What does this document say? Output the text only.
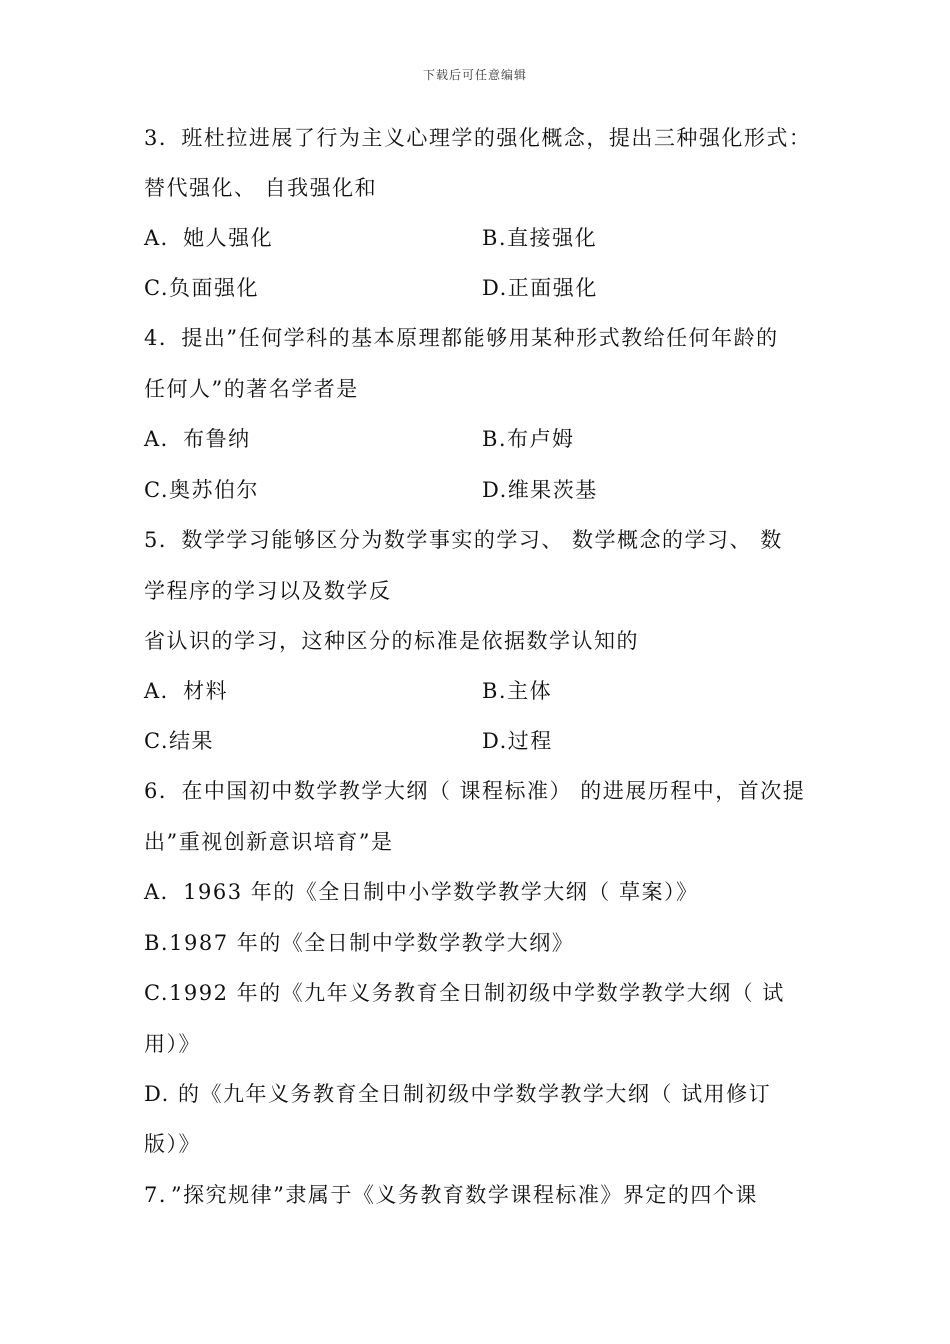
下载后可任意编辑
3．班杜拉进展了行为主义心理学的强化概念，提出三种强化形式：
替代强化、 自我强化和
A．她人强化	B.直接强化
C.负面强化	D.正面强化
4．提出”任何学科的基本原理都能够用某种形式教给任何年龄的
任何人”的著名学者是
A．布鲁纳	B.布卢姆
C.奥苏伯尔	D.维果茨基
5．数学学习能够区分为数学事实的学习、 数学概念的学习、 数
学程序的学习以及数学反
省认识的学习，这种区分的标准是依据数学认知的
A．材料	B.主体
C.结果	D.过程
6．在中国初中数学教学大纲（ 课程标准） 的进展历程中，首次提
出”重视创新意识培育”是
A．1963 年的《全日制中小学数学教学大纲（ 草案）》
B.1987 年的《全日制中学数学教学大纲》
C.1992 年的《九年义务教育全日制初级中学数学教学大纲（ 试
用）》
D. 的《九年义务教育全日制初级中学数学教学大纲（ 试用修订
版）》
7．”探究规律”隶属于《义务教育数学课程标准》界定的四个课
